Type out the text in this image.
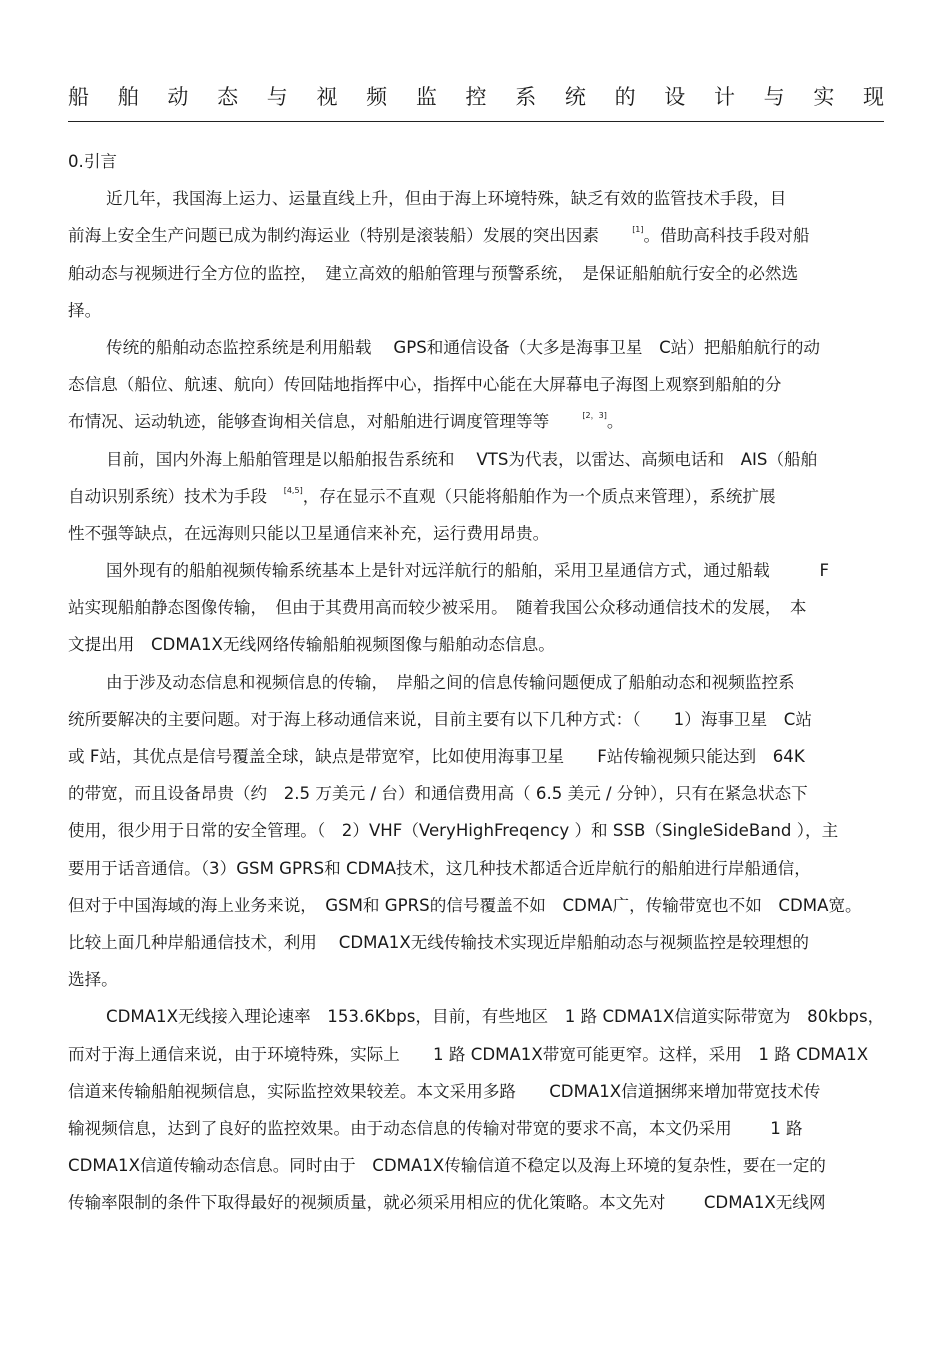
船 舶 动 态 与 视 频 监 控 系 统 的 设 计 与 实 现
0.引言
近几年，我国海上运力、运量直线上升，但由于海上环境特殊，缺乏有效的监管技术手段，目
前海上安全生产问题已成为制约海运业（特别是滚装船）发展的突出因素　　	[1]。借助高科技手段对船
舶动态与视频进行全方位的监控，　建立高效的船舶管理与预警系统，　是保证船舶航行安全的必然选
择。
传统的船舶动态监控系统是利用船载　 GPS和通信设备（大多是海事卫星　C站）把船舶航行的动
态信息（船位、航速、航向）传回陆地指挥中心，指挥中心能在大屏幕电子海图上观察到船舶的分
布情况、运动轨迹，能够查询相关信息，对船舶进行调度管理等等　　	[2，3]。
目前，国内外海上船舶管理是以船舶报告系统和　 VTS为代表，以雷达、高频电话和　AIS（船舶
自动识别系统）技术为手段　 [4,5]，存在显示不直观（只能将船舶作为一个质点来管理），系统扩展
性不强等缺点，在远海则只能以卫星通信来补充，运行费用昂贵。
国外现有的船舶视频传输系统基本上是针对远洋航行的船舶，采用卫星通信方式，通过船载　　　F
站实现船舶静态图像传输，　但由于其费用高而较少被采用。　随着我国公众移动通信技术的发展，　本
文提出用　CDMA1X无线网络传输船舶视频图像与船舶动态信息。
由于涉及动态信息和视频信息的传输，　岸船之间的信息传输问题便成了船舶动态和视频监控系
统所要解决的主要问题。对于海上移动通信来说，目前主要有以下几种方式：（　　1）海事卫星　C站
或 F站，其优点是信号覆盖全球，缺点是带宽窄，比如使用海事卫星　　F站传输视频只能达到　64K
的带宽，而且设备昂贵（约　2.5 万美元 / 台）和通信费用高（ 6.5 美元 / 分钟），只有在紧急状态下
使用，很少用于日常的安全管理。（　2）VHF（VeryHighFreqency ）和 SSB（SingleSideBand ），主
要用于话音通信。（3）GSM GPRS和 CDMA技术，这几种技术都适合近岸航行的船舶进行岸船通信，
但对于中国海域的海上业务来说，　GSM和 GPRS的信号覆盖不如　CDMA广，传输带宽也不如　CDMA宽。
比较上面几种岸船通信技术，利用　 CDMA1X无线传输技术实现近岸船舶动态与视频监控是较理想的
选择。
CDMA1X无线接入理论速率　153.6Kbps，目前，有些地区　1 路 CDMA1X信道实际带宽为　80kbps，
而对于海上通信来说，由于环境特殊，实际上　　1 路 CDMA1X带宽可能更窄。这样，采用　1 路 CDMA1X
信道来传输船舶视频信息，实际监控效果较差。本文采用多路　　CDMA1X信道捆绑来增加带宽技术传
输视频信息，达到了良好的监控效果。由于动态信息的传输对带宽的要求不高，本文仍采用　　 1 路
CDMA1X信道传输动态信息。同时由于　CDMA1X传输信道不稳定以及海上环境的复杂性，要在一定的
传输率限制的条件下取得最好的视频质量，就必须采用相应的优化策略。本文先对　　 CDMA1X无线网
